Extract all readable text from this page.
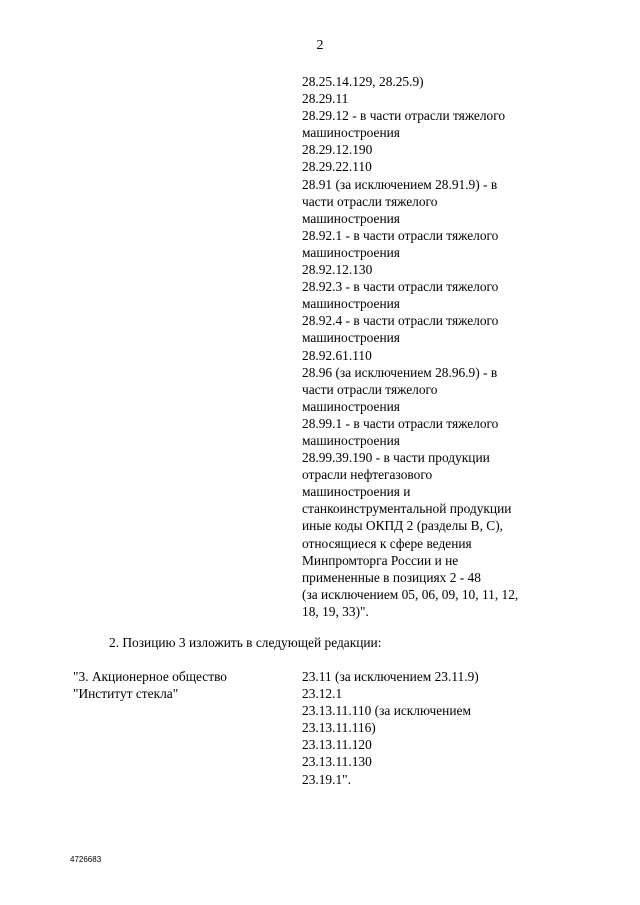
2
28.25.14.129, 28.25.9)
28.29.11
28.29.12 - в части отрасли тяжелого
машиностроения
28.29.12.190
28.29.22.110
28.91 (за исключением 28.91.9) - в
части отрасли тяжелого
машиностроения
28.92.1 - в части отрасли тяжелого
машиностроения
28.92.12.130
28.92.3 - в части отрасли тяжелого
машиностроения
28.92.4 - в части отрасли тяжелого
машиностроения
28.92.61.110
28.96 (за исключением 28.96.9) - в
части отрасли тяжелого
машиностроения
28.99.1 - в части отрасли тяжелого
машиностроения
28.99.39.190 - в части продукции
отрасли нефтегазового
машиностроения и
станкоинструментальной продукции
иные коды ОКПД 2 (разделы B, C),
относящиеся к сфере ведения
Минпромторга России и не
примененные в позициях 2 - 48
(за исключением 05, 06, 09, 10, 11, 12,
18, 19, 33)".
2. Позицию 3 изложить в следующей редакции:
"3. Акционерное общество
"Институт стекла"
23.11 (за исключением 23.11.9)
23.12.1
23.13.11.110 (за исключением
23.13.11.116)
23.13.11.120
23.13.11.130
23.19.1".
4726683
